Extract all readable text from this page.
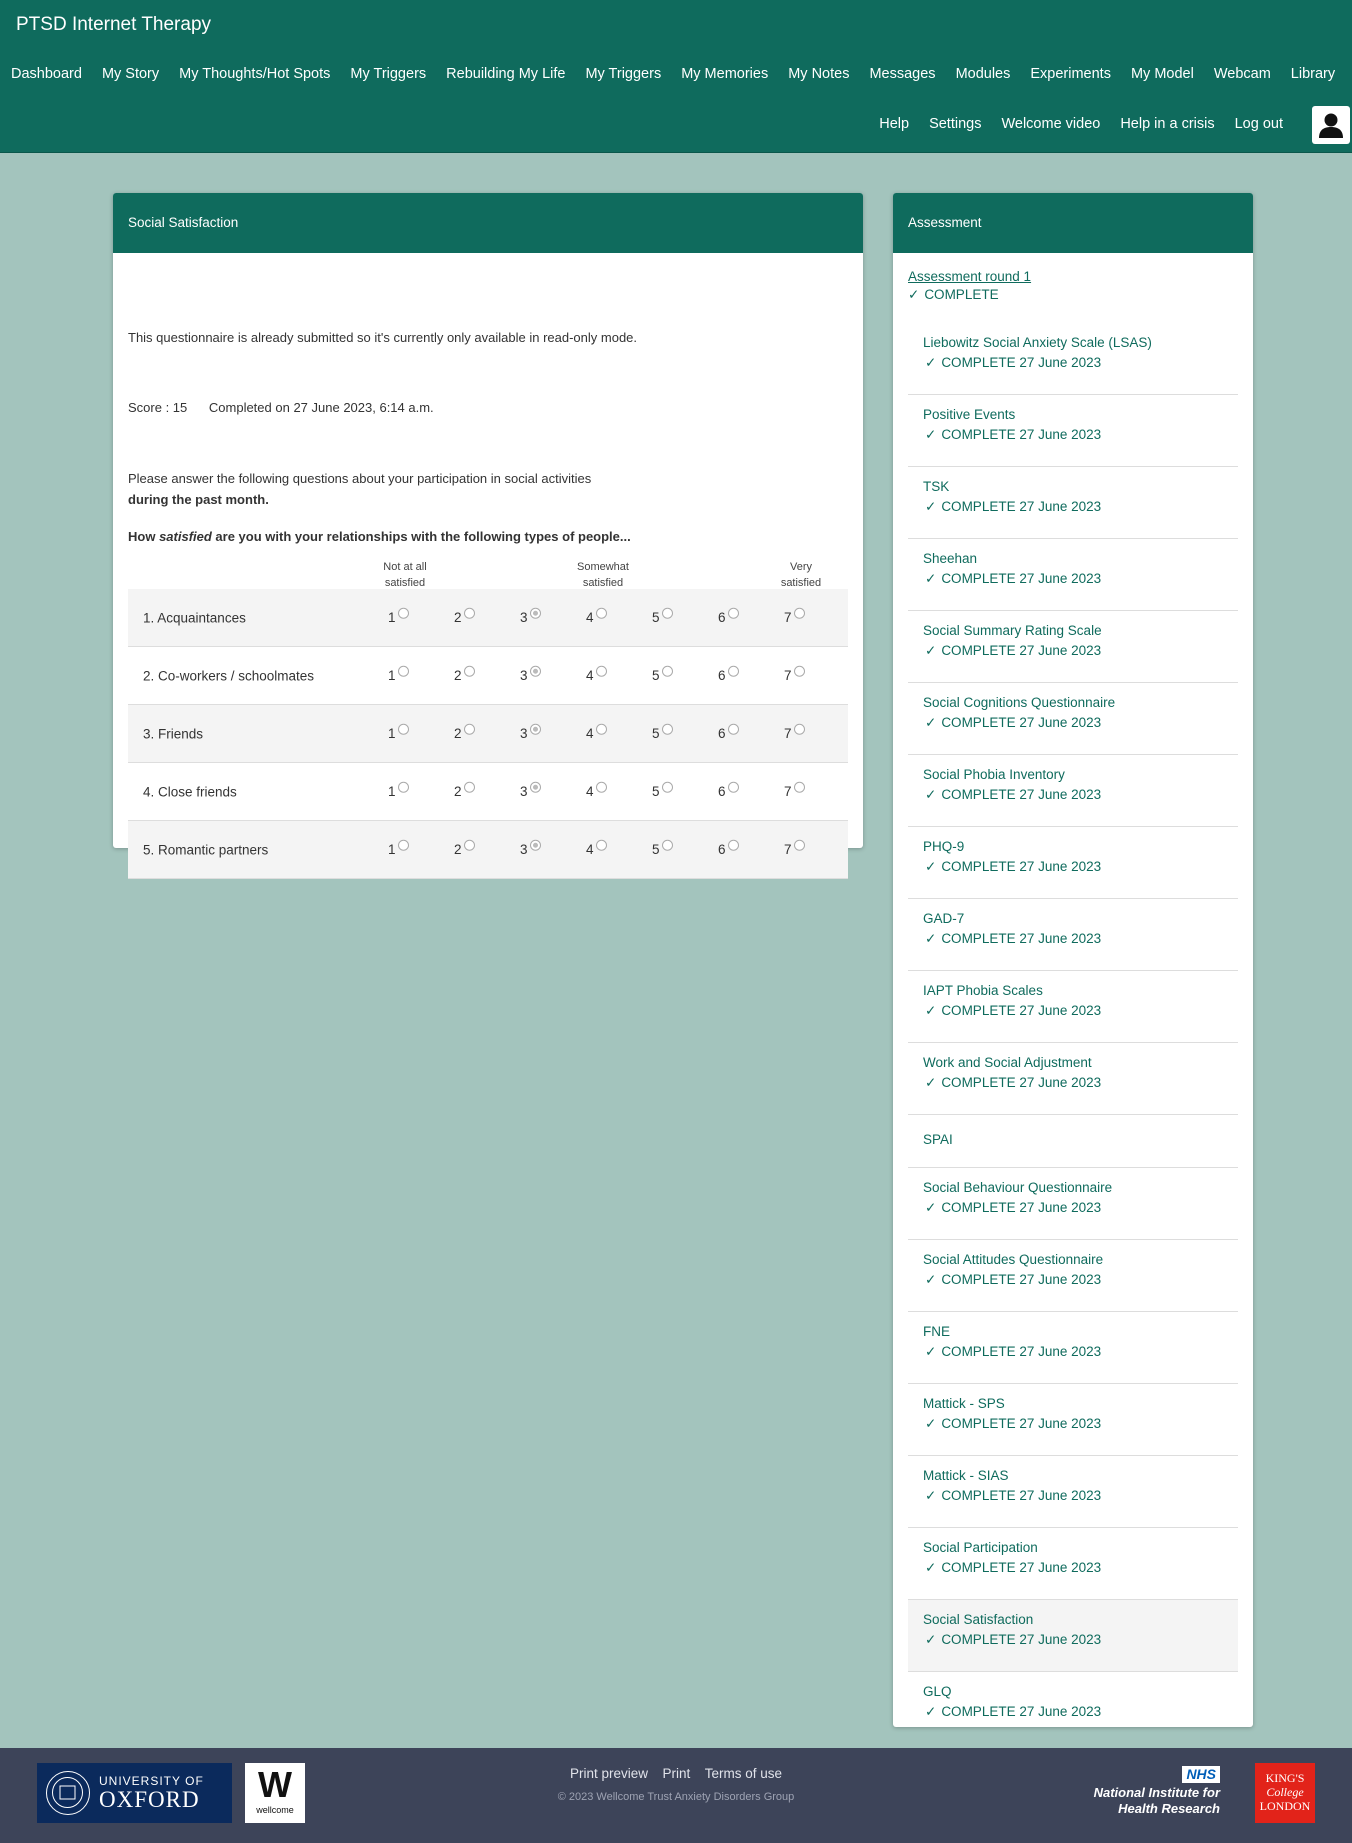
PTSD Internet Therapy
Dashboard My Story My Thoughts/Hot Spots My Triggers Rebuilding My Life My Triggers My Memories My Notes Messages Modules Experiments My Model Webcam Library
Help Settings Welcome video Help in a crisis Log out
Social Satisfaction
This questionnaire is already submitted so it's currently only available in read-only mode.
Score : 15 Completed on 27 June 2023, 6:14 a.m.
Please answer the following questions about your participation in social activities
during the past month.
How satisfied are you with your relationships with the following types of people...
Not at all
satisfied
Somewhat
satisfied
Very
satisfied
1. Acquaintances	1	2	3	4	5	6	7
2. Co-workers / schoolmates	1	2	3	4	5	6	7
3. Friends	1	2	3	4	5	6	7
4. Close friends	1	2	3	4	5	6	7
5. Romantic partners	1	2	3	4	5	6	7
Assessment
Assessment round 1
✓ COMPLETE
Liebowitz Social Anxiety Scale (LSAS)
✓ COMPLETE 27 June 2023
Positive Events
✓ COMPLETE 27 June 2023
TSK
✓ COMPLETE 27 June 2023
Sheehan
✓ COMPLETE 27 June 2023
Social Summary Rating Scale
✓ COMPLETE 27 June 2023
Social Cognitions Questionnaire
✓ COMPLETE 27 June 2023
Social Phobia Inventory
✓ COMPLETE 27 June 2023
PHQ-9
✓ COMPLETE 27 June 2023
GAD-7
✓ COMPLETE 27 June 2023
IAPT Phobia Scales
✓ COMPLETE 27 June 2023
Work and Social Adjustment
✓ COMPLETE 27 June 2023
SPAI
Social Behaviour Questionnaire
✓ COMPLETE 27 June 2023
Social Attitudes Questionnaire
✓ COMPLETE 27 June 2023
FNE
✓ COMPLETE 27 June 2023
Mattick - SPS
✓ COMPLETE 27 June 2023
Mattick - SIAS
✓ COMPLETE 27 June 2023
Social Participation
✓ COMPLETE 27 June 2023
Social Satisfaction
✓ COMPLETE 27 June 2023
GLQ
✓ COMPLETE 27 June 2023
UNIVERSITY OF
OXFORD	W
wellcome
Print preview Print Terms of use
© 2023 Wellcome Trust Anxiety Disorders Group
NHS
National Institute for
Health Research
KING'S
College
LONDON
